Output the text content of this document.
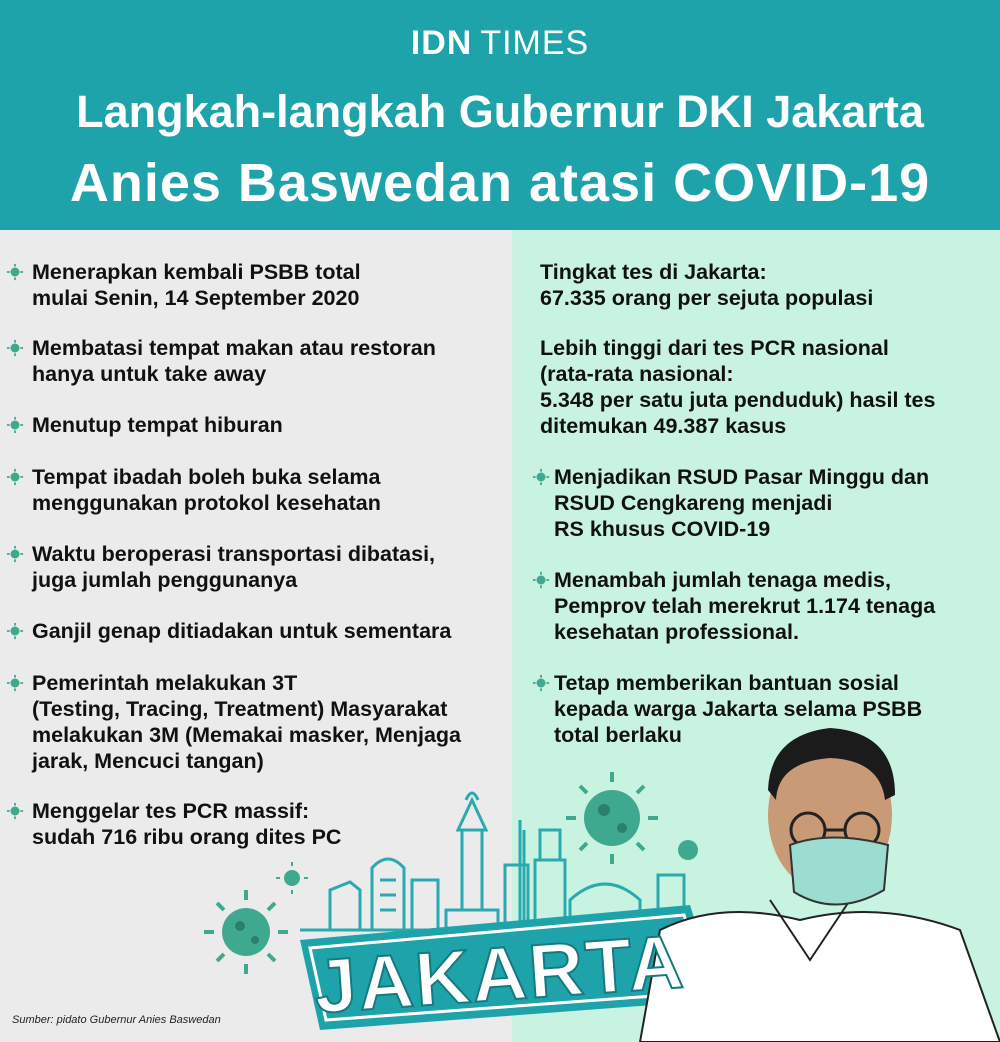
IDN TIMES
Langkah-langkah Gubernur DKI Jakarta
Anies Baswedan atasi COVID-19
Menerapkan kembali PSBB total
mulai Senin, 14 September 2020
Membatasi tempat makan atau restoran
hanya untuk take away
Menutup tempat hiburan
Tempat ibadah boleh buka selama
menggunakan protokol kesehatan
Waktu beroperasi transportasi dibatasi,
juga jumlah penggunanya
Ganjil genap ditiadakan untuk sementara
Pemerintah melakukan 3T
(Testing, Tracing, Treatment) Masyarakat
melakukan 3M (Memakai masker, Menjaga
jarak, Mencuci tangan)
Menggelar tes PCR massif:
sudah 716 ribu orang dites PC
Tingkat tes di Jakarta:
67.335 orang per sejuta populasi
Lebih tinggi dari tes PCR nasional
(rata-rata nasional:
5.348 per satu juta penduduk) hasil tes
ditemukan 49.387 kasus
Menjadikan RSUD Pasar Minggu dan
RSUD Cengkareng menjadi
RS khusus COVID-19
Menambah jumlah tenaga medis,
Pemprov telah merekrut 1.174 tenaga
kesehatan professional.
Tetap memberikan bantuan sosial
kepada warga Jakarta selama PSBB
total berlaku
JAKARTA
Sumber: pidato Gubernur Anies Baswedan
